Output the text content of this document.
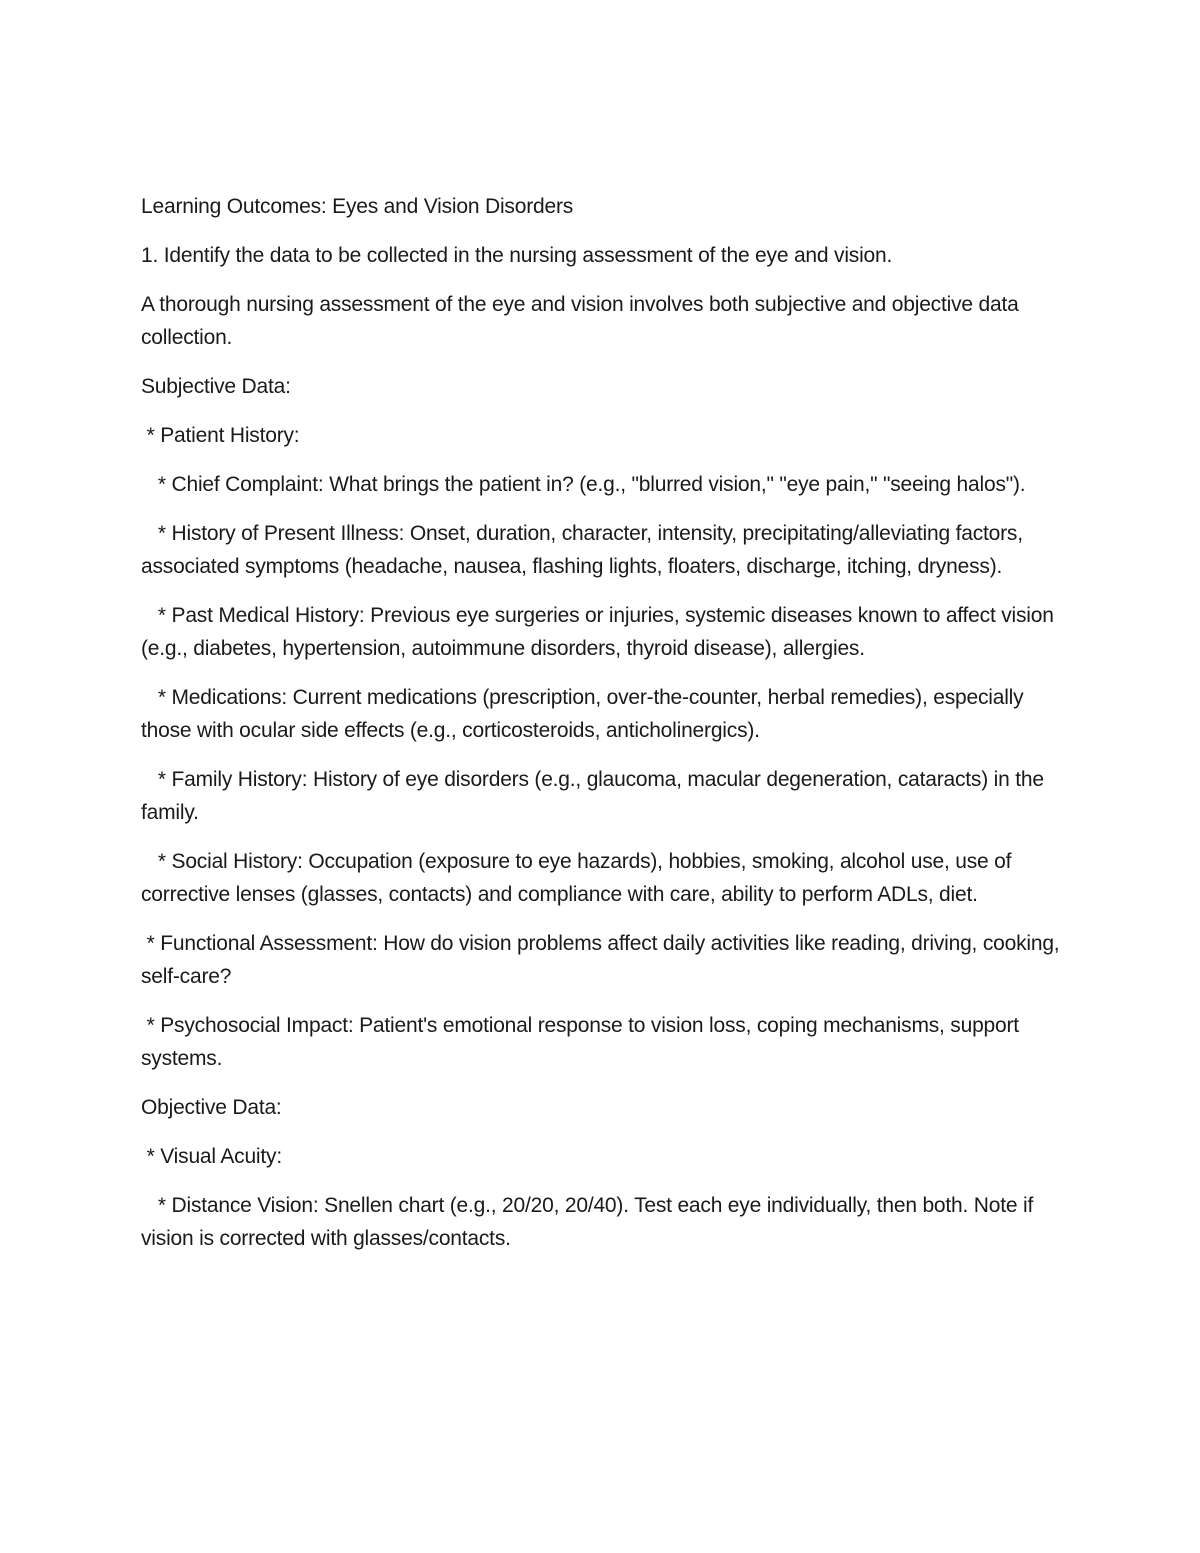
Learning Outcomes: Eyes and Vision Disorders

1. Identify the data to be collected in the nursing assessment of the eye and vision.

A thorough nursing assessment of the eye and vision involves both subjective and objective data collection.

Subjective Data:

* Patient History:

* Chief Complaint: What brings the patient in? (e.g., "blurred vision," "eye pain," "seeing halos").

* History of Present Illness: Onset, duration, character, intensity, precipitating/alleviating factors, associated symptoms (headache, nausea, flashing lights, floaters, discharge, itching, dryness).

* Past Medical History: Previous eye surgeries or injuries, systemic diseases known to affect vision (e.g., diabetes, hypertension, autoimmune disorders, thyroid disease), allergies.

* Medications: Current medications (prescription, over-the-counter, herbal remedies), especially those with ocular side effects (e.g., corticosteroids, anticholinergics).

* Family History: History of eye disorders (e.g., glaucoma, macular degeneration, cataracts) in the family.

* Social History: Occupation (exposure to eye hazards), hobbies, smoking, alcohol use, use of corrective lenses (glasses, contacts) and compliance with care, ability to perform ADLs, diet.

* Functional Assessment: How do vision problems affect daily activities like reading, driving, cooking, self-care?

* Psychosocial Impact: Patient's emotional response to vision loss, coping mechanisms, support systems.

Objective Data:

* Visual Acuity:

* Distance Vision: Snellen chart (e.g., 20/20, 20/40). Test each eye individually, then both. Note if vision is corrected with glasses/contacts.
